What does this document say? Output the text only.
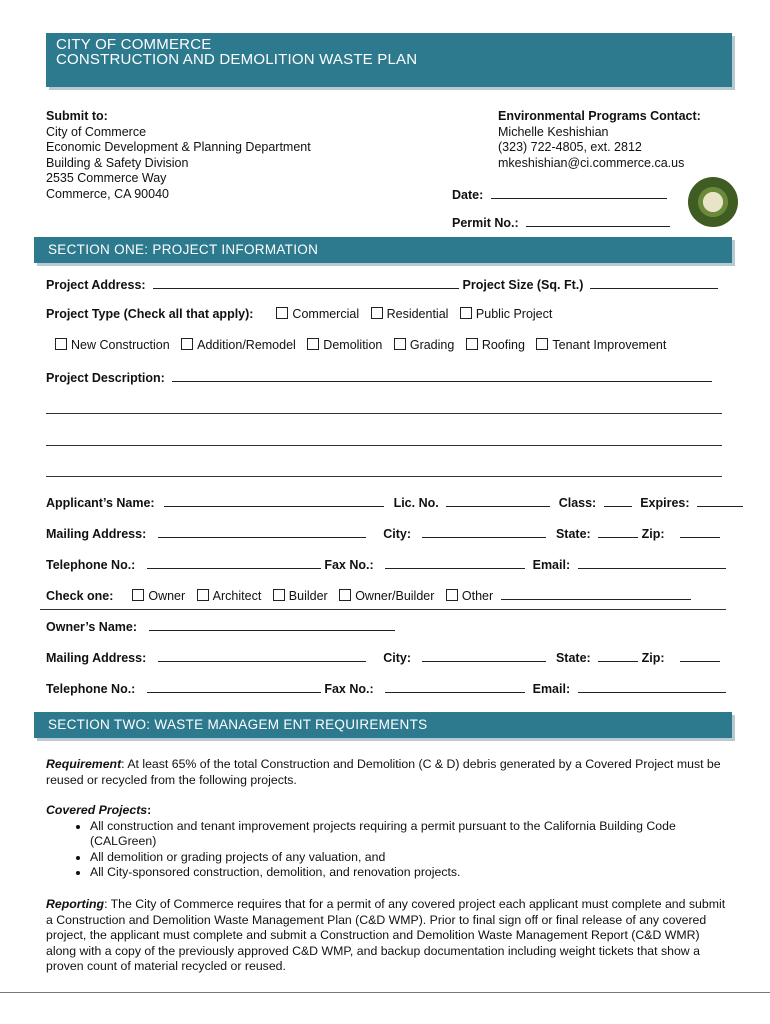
CITY OF COMMERCE
CONSTRUCTION AND DEMOLITION WASTE PLAN
Submit to:
City of Commerce
Economic Development & Planning Department
Building & Safety Division
2535 Commerce Way
Commerce, CA 90040
Environmental Programs Contact:
Michelle Keshishian
(323) 722-4805, ext. 2812
mkeshishian@ci.commerce.ca.us
Date:
Permit No.:
SECTION ONE: PROJECT INFORMATION
Project Address:	Project Size (Sq. Ft.)
Project Type (Check all that apply):	Commercial Residential Public Project
New Construction Addition/Remodel Demolition Grading Roofing Tenant Improvement
Project Description:
Applicant’s Name:	Lic. No.	Class:	Expires:
Mailing Address:	City:	State:	Zip:
Telephone No.:	Fax No.:	Email:
Check one:	Owner Architect Builder Owner/Builder Other
Owner’s Name:
Mailing Address:	City:	State:	Zip:
Telephone No.:	Fax No.:	Email:
SECTION TWO: WASTE MANAGEM ENT REQUIREMENTS
Requirement: At least 65% of the total Construction and Demolition (C & D) debris generated by a Covered Project must be reused or recycled from the following projects.
Covered Projects:
• All construction and tenant improvement projects requiring a permit pursuant to the California Building Code (CALGreen)
• All demolition or grading projects of any valuation, and
• All City-sponsored construction, demolition, and renovation projects.
Reporting: The City of Commerce requires that for a permit of any covered project each applicant must complete and submit a Construction and Demolition Waste Management Plan (C&D WMP). Prior to final sign off or final release of any covered project, the applicant must complete and submit a Construction and Demolition Waste Management Report (C&D WMR) along with a copy of the previously approved C&D WMP, and backup documentation including weight tickets that show a proven count of material recycled or reused.
